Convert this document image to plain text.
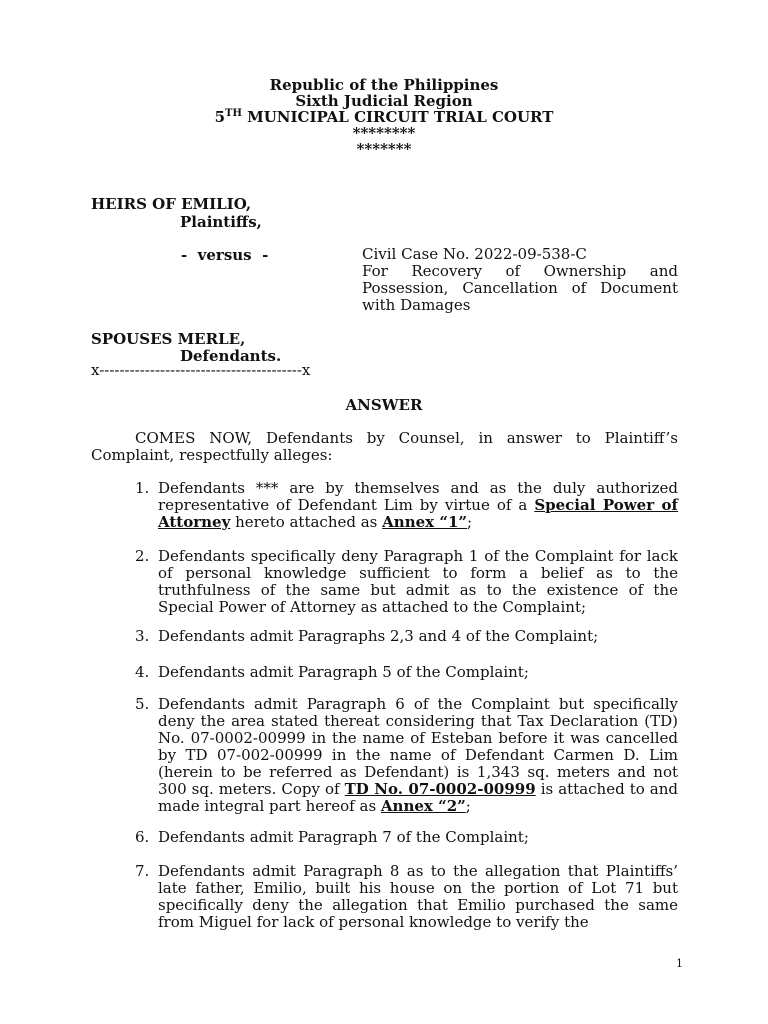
Republic of the Philippines
Sixth Judicial Region
5TH MUNICIPAL CIRCUIT TRIAL COURT
********
*******
HEIRS OF EMILIO,
Plaintiffs,
-  versus  -	Civil Case No. 2022-09-538-C
For Recovery of Ownership and Possession, Cancellation of Document with Damages
SPOUSES MERLE,
Defendants.
x----------------------------------------x
ANSWER
COMES NOW, Defendants by Counsel, in answer to Plaintiff’s Complaint, respectfully alleges:
1. Defendants *** are by themselves and as the duly authorized representative of Defendant Lim by virtue of a Special Power of Attorney hereto attached as Annex “1”;
2. Defendants specifically deny Paragraph 1 of the Complaint for lack of personal knowledge sufficient to form a belief as to the truthfulness of the same but admit as to the existence of the Special Power of Attorney as attached to the Complaint;
3. Defendants admit Paragraphs 2,3 and 4 of the Complaint;
4. Defendants admit Paragraph 5 of the Complaint;
5. Defendants admit Paragraph 6 of the Complaint but specifically deny the area stated thereat considering that Tax Declaration (TD) No. 07-0002-00999 in the name of Esteban before it was cancelled by TD 07-002-00999 in the name of Defendant Carmen D. Lim (herein to be referred as Defendant) is 1,343 sq. meters and not 300 sq. meters. Copy of TD No. 07-0002-00999 is attached to and made integral part hereof as Annex “2”;
6. Defendants admit Paragraph 7 of the Complaint;
7. Defendants admit Paragraph 8 as to the allegation that Plaintiffs’ late father, Emilio, built his house on the portion of Lot 71 but specifically deny the allegation that Emilio purchased the same from Miguel for lack of personal knowledge to verify the
1
